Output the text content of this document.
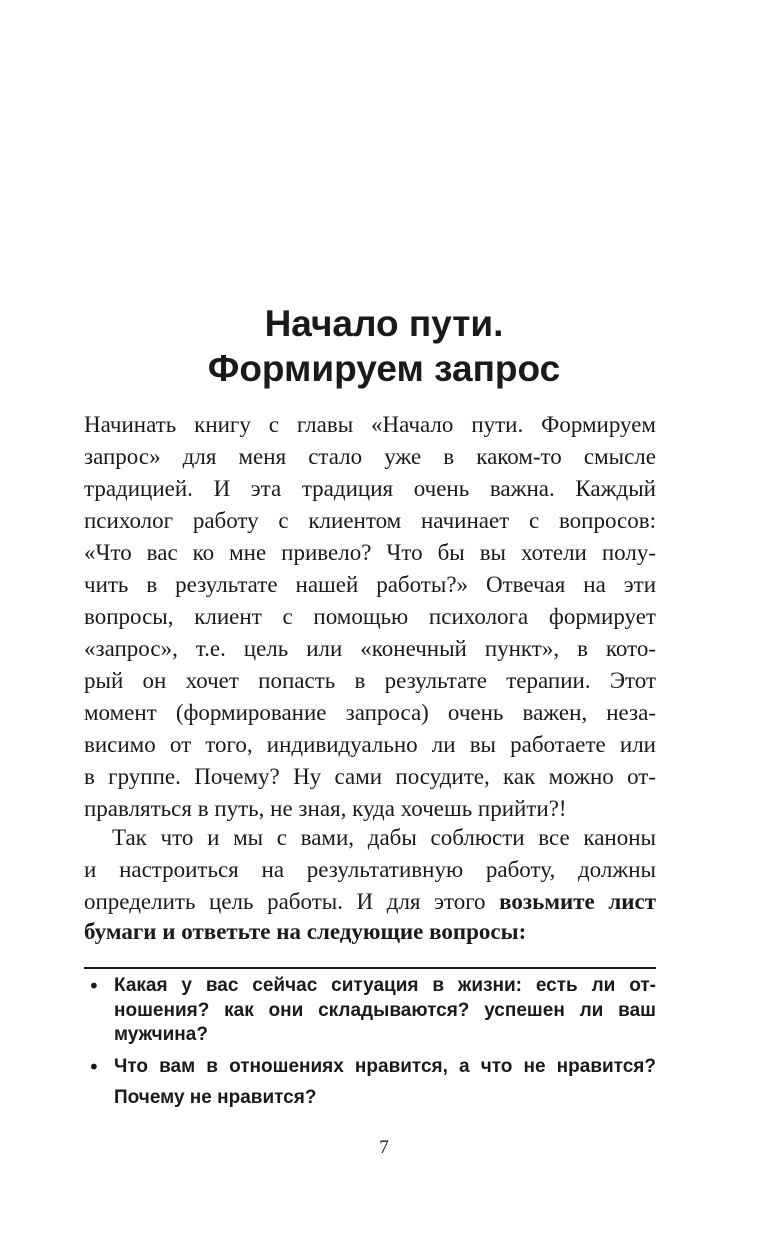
Начало пути.
Формируем запрос

Начинать книгу с главы «Начало пути. Формируем

запрос» для меня стало уже в каком-то смысле

традицией. И эта традиция очень важна. Каждый

психолог работу с клиентом начинает с вопросов:

«Что вас ко мне привело? Что бы вы хотели полу-

чить в результате нашей работы?» Отвечая на эти

вопросы, клиент с помощью психолога формирует

«запрос», т.е. цель или «конечный пункт», в кото-

рый он хочет попасть в результате терапии. Этот

момент (формирование запроса) очень важен, неза-

висимо от того, индивидуально ли вы работаете или

в группе. Почему? Ну сами посудите, как можно от-

правляться в путь, не зная, куда хочешь прийти?!

Так что и мы с вами, дабы соблюсти все каноны

и настроиться на результативную работу, должны

определить цель работы. И для этого возьмите лист

бумаги и ответьте на следующие вопросы:

• Какая у вас сейчас ситуация в жизни: есть ли от-

ношения? как они складываются? успешен ли ваш

мужчина?

• Что вам в отношениях нравится, а что не нравится?

Почему не нравится?

7
